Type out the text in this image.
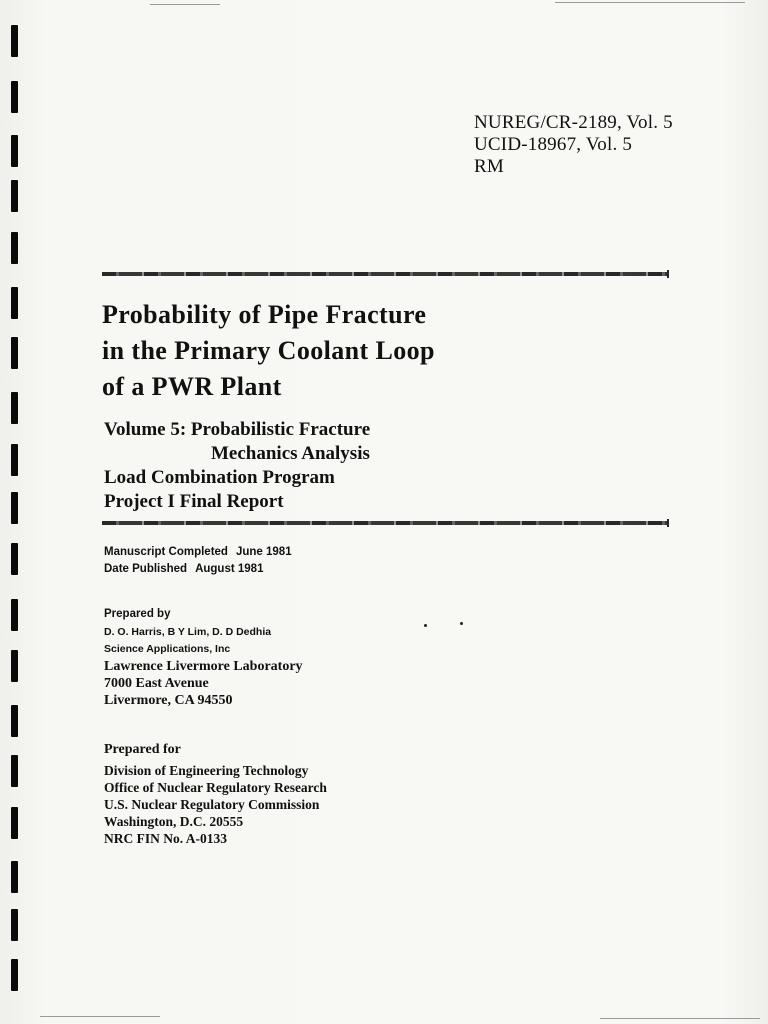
NUREG/CR-2189, Vol. 5
UCID-18967, Vol. 5
RM
Probability of Pipe Fracture
in the Primary Coolant Loop
of a PWR Plant
Volume 5: Probabilistic Fracture
Mechanics Analysis
Load Combination Program
Project I Final Report
Manuscript Completed June 1981
Date Published August 1981
Prepared by
D. O. Harris, B Y Lim, D. D Dedhia
Science Applications, Inc
Lawrence Livermore Laboratory
7000 East Avenue
Livermore, CA 94550
Prepared for
Division of Engineering Technology
Office of Nuclear Regulatory Research
U.S. Nuclear Regulatory Commission
Washington, D.C. 20555
NRC FIN No. A-0133
